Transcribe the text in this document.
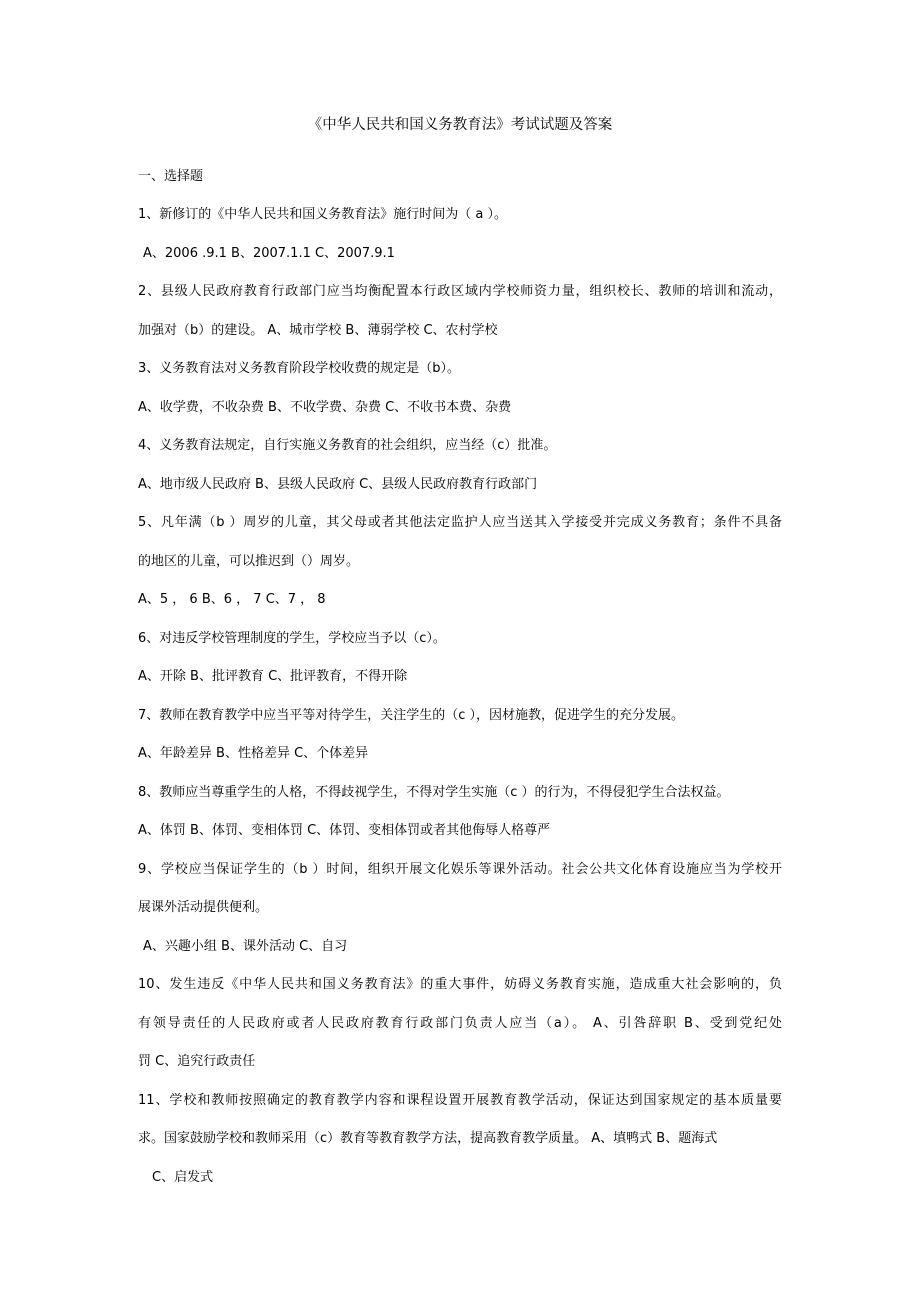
《中华人民共和国义务教育法》考试试题及答案
一、选择题
1、新修订的《中华人民共和国义务教育法》施行时间为（ a ）。
A、2006 .9.1 B、2007.1.1 C、2007.9.1
2、县级人民政府教育行政部门应当均衡配置本行政区域内学校师资力量，组织校长、教师的培训和流动，
加强对（b）的建设。 A、城市学校 B、薄弱学校 C、农村学校
3、义务教育法对义务教育阶段学校收费的规定是（b）。
A、收学费，不收杂费 B、不收学费、杂费 C、不收书本费、杂费
4、义务教育法规定，自行实施义务教育的社会组织，应当经（c）批准。
A、地市级人民政府 B、县级人民政府 C、县级人民政府教育行政部门
5、凡年满（b ）周岁的儿童，其父母或者其他法定监护人应当送其入学接受并完成义务教育；条件不具备
的地区的儿童，可以推迟到（）周岁。
A、5 ， 6 B、6 ， 7 C、7 ， 8
6、对违反学校管理制度的学生，学校应当予以（c）。
A、开除 B、批评教育 C、批评教育，不得开除
7、教师在教育教学中应当平等对待学生，关注学生的（c ），因材施教，促进学生的充分发展。
A、年龄差异 B、性格差异 C、个体差异
8、教师应当尊重学生的人格，不得歧视学生，不得对学生实施（c ）的行为，不得侵犯学生合法权益。
A、体罚 B、体罚、变相体罚 C、体罚、变相体罚或者其他侮辱人格尊严
9、学校应当保证学生的（b ）时间，组织开展文化娱乐等课外活动。社会公共文化体育设施应当为学校开
展课外活动提供便利。
A、兴趣小组 B、课外活动 C、自习
10、发生违反《中华人民共和国义务教育法》的重大事件，妨碍义务教育实施，造成重大社会影响的，负
有领导责任的人民政府或者人民政府教育行政部门负责人应当（a）。 A、引咎辞职 B、受到党纪处
罚 C、追究行政责任
11、学校和教师按照确定的教育教学内容和课程设置开展教育教学活动，保证达到国家规定的基本质量要
求。国家鼓励学校和教师采用（c）教育等教育教学方法，提高教育教学质量。 A、填鸭式 B、题海式
C、启发式
